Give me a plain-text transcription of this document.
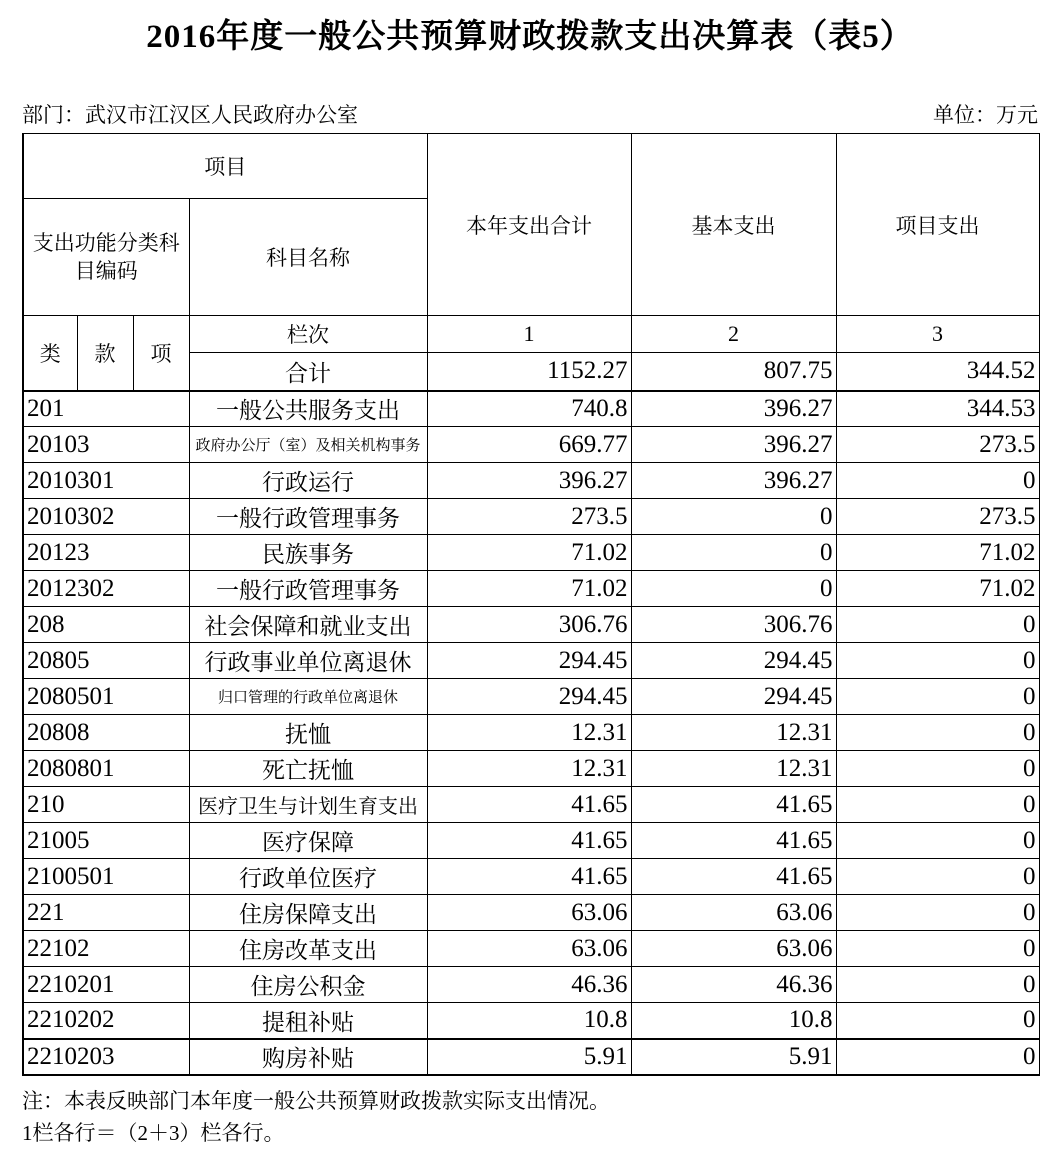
2016年度一般公共预算财政拨款支出决算表（表5）
部门：武汉市江汉区人民政府办公室	单位：万元
项目				本年支出合计	基本支出	项目支出
支出功能分类科目编码			科目名称			
类	款	项	栏次	1	2	3
			合计	1152.27	807.75	344.52
201			一般公共服务支出	740.8	396.27	344.53
20103			政府办公厅（室）及相关机构事务	669.77	396.27	273.5
2010301			行政运行	396.27	396.27	0
2010302			一般行政管理事务	273.5	0	273.5
20123			民族事务	71.02	0	71.02
2012302			一般行政管理事务	71.02	0	71.02
208			社会保障和就业支出	306.76	306.76	0
20805			行政事业单位离退休	294.45	294.45	0
2080501			归口管理的行政单位离退休	294.45	294.45	0
20808			抚恤	12.31	12.31	0
2080801			死亡抚恤	12.31	12.31	0
210			医疗卫生与计划生育支出	41.65	41.65	0
21005			医疗保障	41.65	41.65	0
2100501			行政单位医疗	41.65	41.65	0
221			住房保障支出	63.06	63.06	0
22102			住房改革支出	63.06	63.06	0
2210201			住房公积金	46.36	46.36	0
2210202			提租补贴	10.8	10.8	0
2210203			购房补贴	5.91	5.91	0
注：本表反映部门本年度一般公共预算财政拨款实际支出情况。
1栏各行＝（2＋3）栏各行。
